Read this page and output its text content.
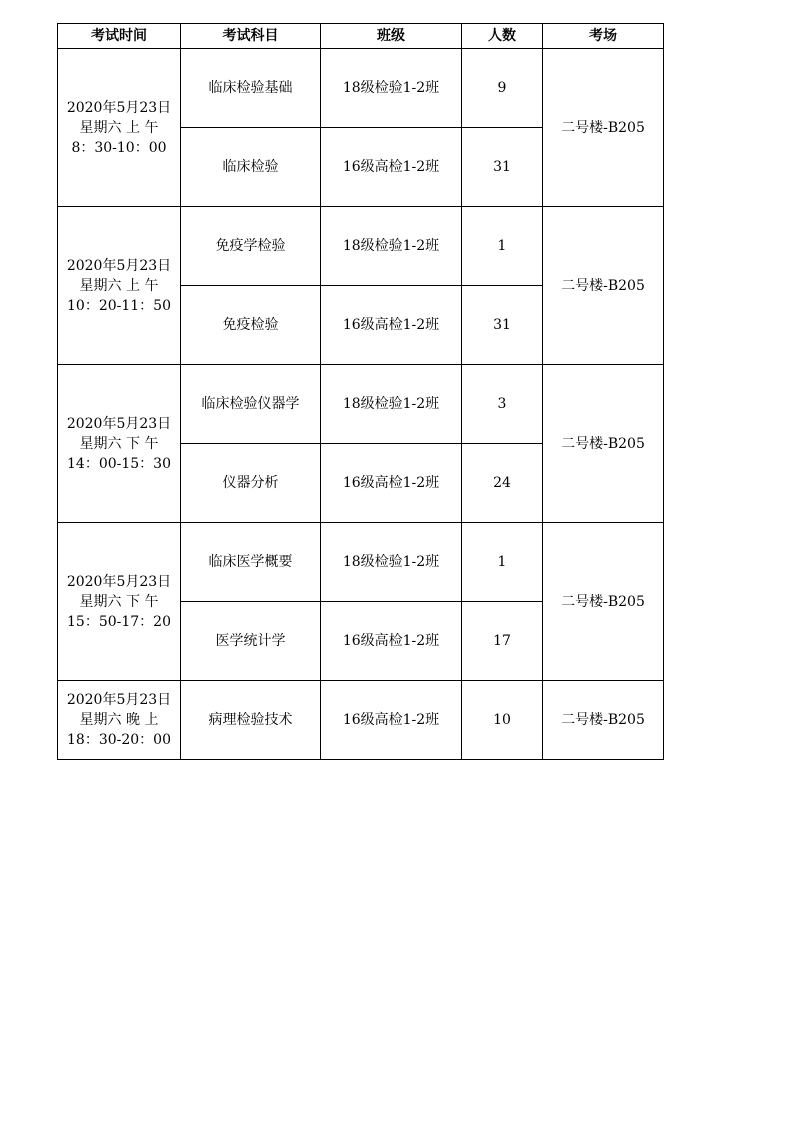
考试时间	考试科目	班级	人数	考场

2020年5月23日
星期六 上 午
8：30-10：00	临床检验基础	18级检验1-2班	9	二号楼-B205
	临床检验	16级高检1-2班	31	

2020年5月23日
星期六 上 午
10：20-11：50	免疫学检验	18级检验1-2班	1	二号楼-B205
	免疫检验	16级高检1-2班	31	

2020年5月23日
星期六 下 午
14：00-15：30	临床检验仪器学	18级检验1-2班	3	二号楼-B205
	仪器分析	16级高检1-2班	24	

2020年5月23日
星期六 下 午
15：50-17：20	临床医学概要	18级检验1-2班	1	二号楼-B205
	医学统计学	16级高检1-2班	17	

2020年5月23日
星期六 晚 上
18：30-20：00	病理检验技术	16级高检1-2班	10	二号楼-B205
